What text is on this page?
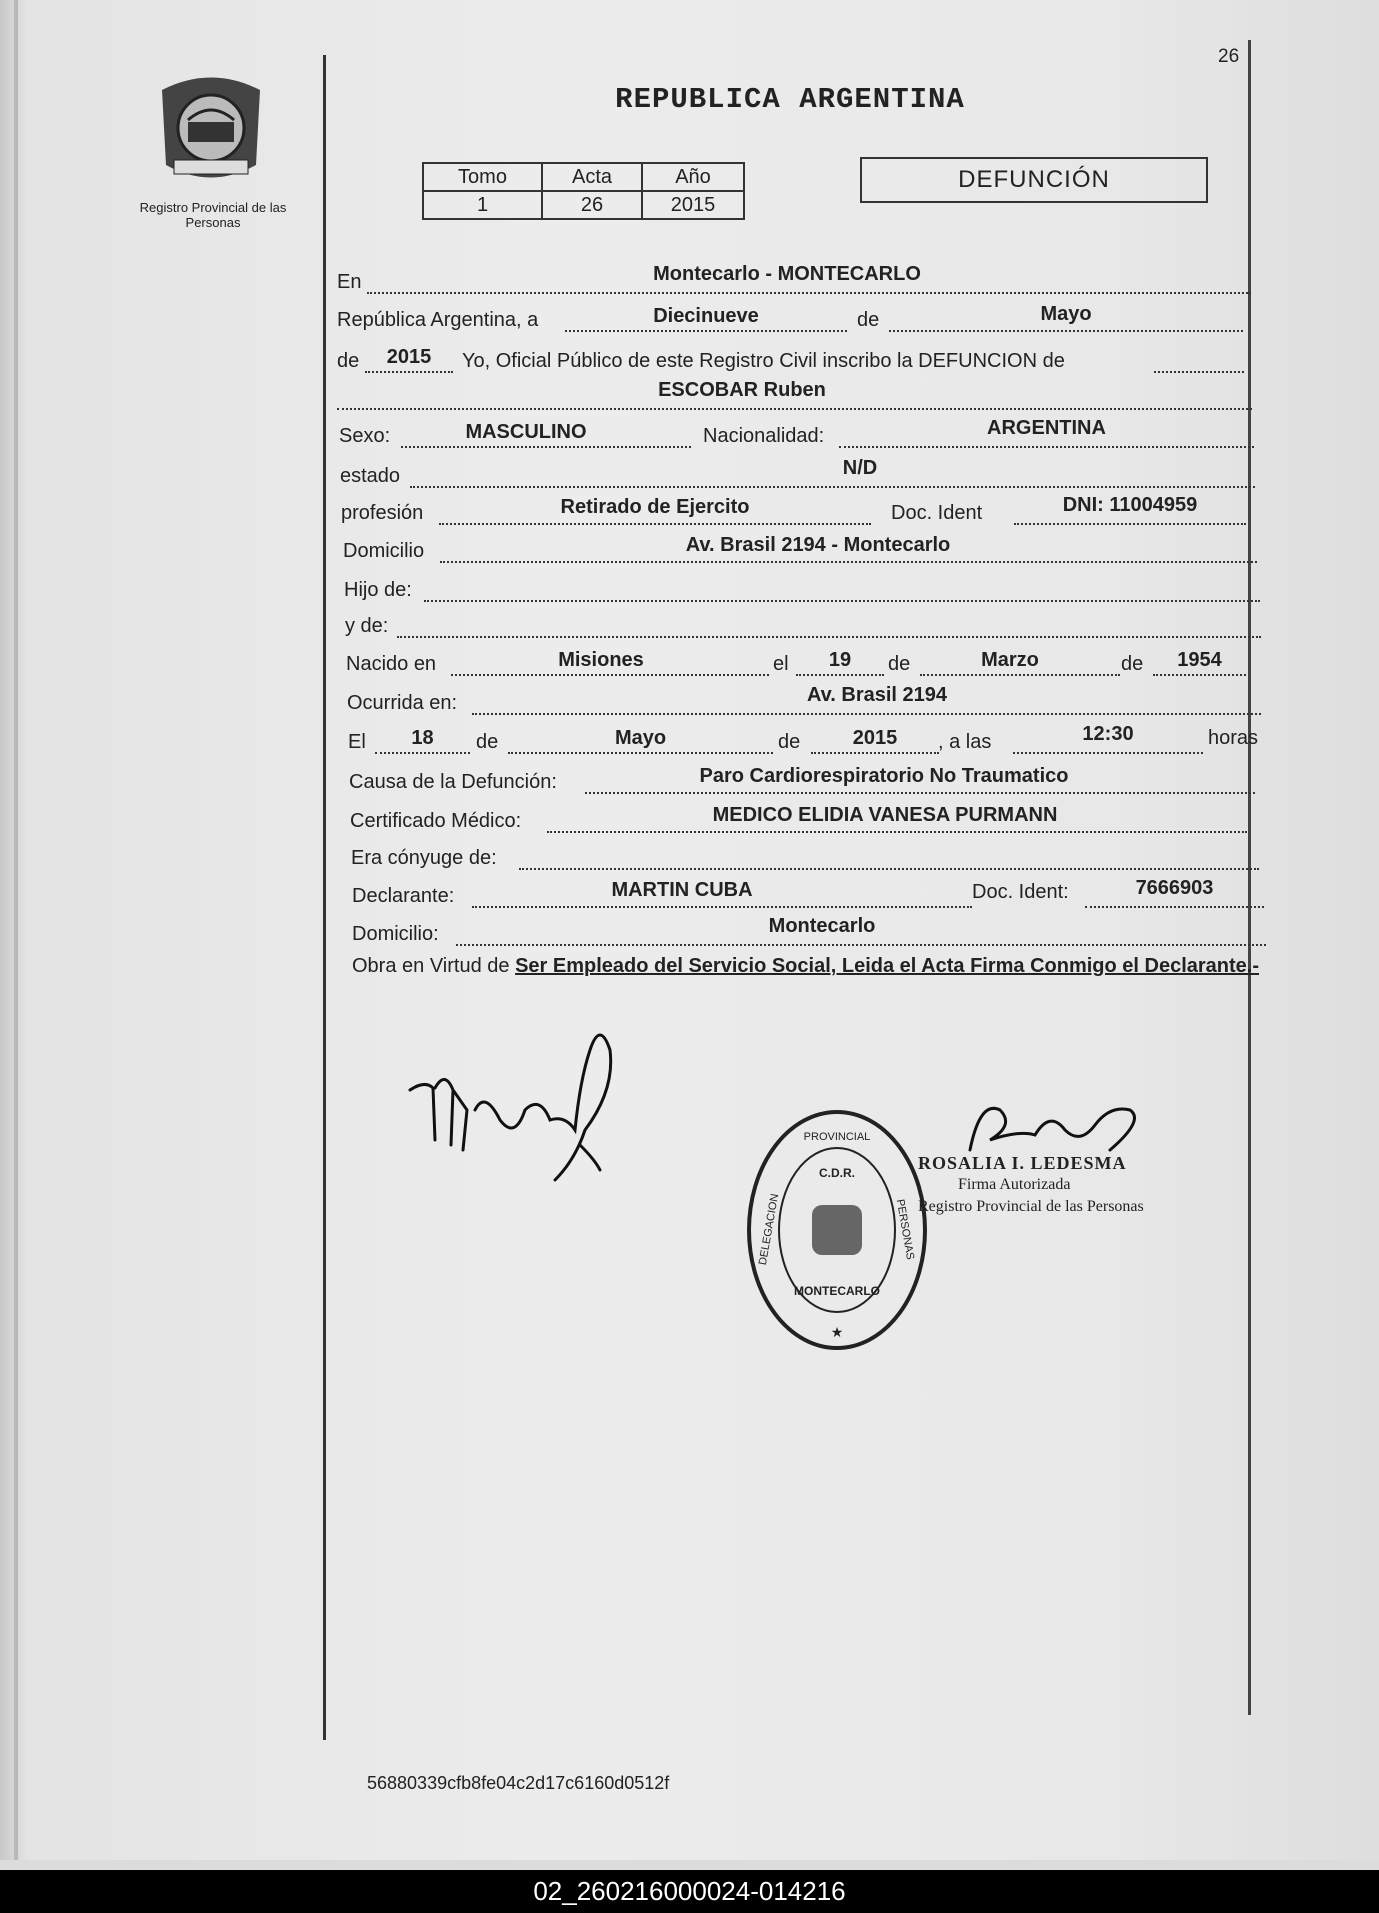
26
Registro Provincial de las Personas
REPUBLICA ARGENTINA
Tomo	Acta	Año
1	26	2015
DEFUNCIÓN
En	Montecarlo - MONTECARLO
República Argentina, a	Diecinueve	de	Mayo
de	2015	Yo, Oficial Público de este Registro Civil inscribo la DEFUNCION de
ESCOBAR Ruben
Sexo:	MASCULINO	Nacionalidad:	ARGENTINA
estado	N/D
profesión	Retirado de Ejercito	Doc. Ident	DNI: 11004959
Domicilio	Av. Brasil 2194 - Montecarlo
Hijo de:
y de:
Nacido en	Misiones	el	19	de	Marzo	de	1954
Ocurrida en:	Av. Brasil 2194
El	18	de	Mayo	de	2015	, a las	12:30	horas
Causa de la Defunción:	Paro Cardiorespiratorio No Traumatico
Certificado Médico:	MEDICO ELIDIA VANESA PURMANN
Era cónyuge de:
Declarante:	MARTIN CUBA	Doc. Ident:	7666903
Domicilio:	Montecarlo
Obra en Virtud de Ser Empleado del Servicio Social, Leida el Acta Firma Conmigo el Declarante.-
PROVINCIAL
DELEGACION	PERSONAS
C.D.R.
MONTECARLO
★
ROSALIA I. LEDESMA
Firma Autorizada
Registro Provincial de las Personas
56880339cfb8fe04c2d17c6160d0512f
02_260216000024-014216
